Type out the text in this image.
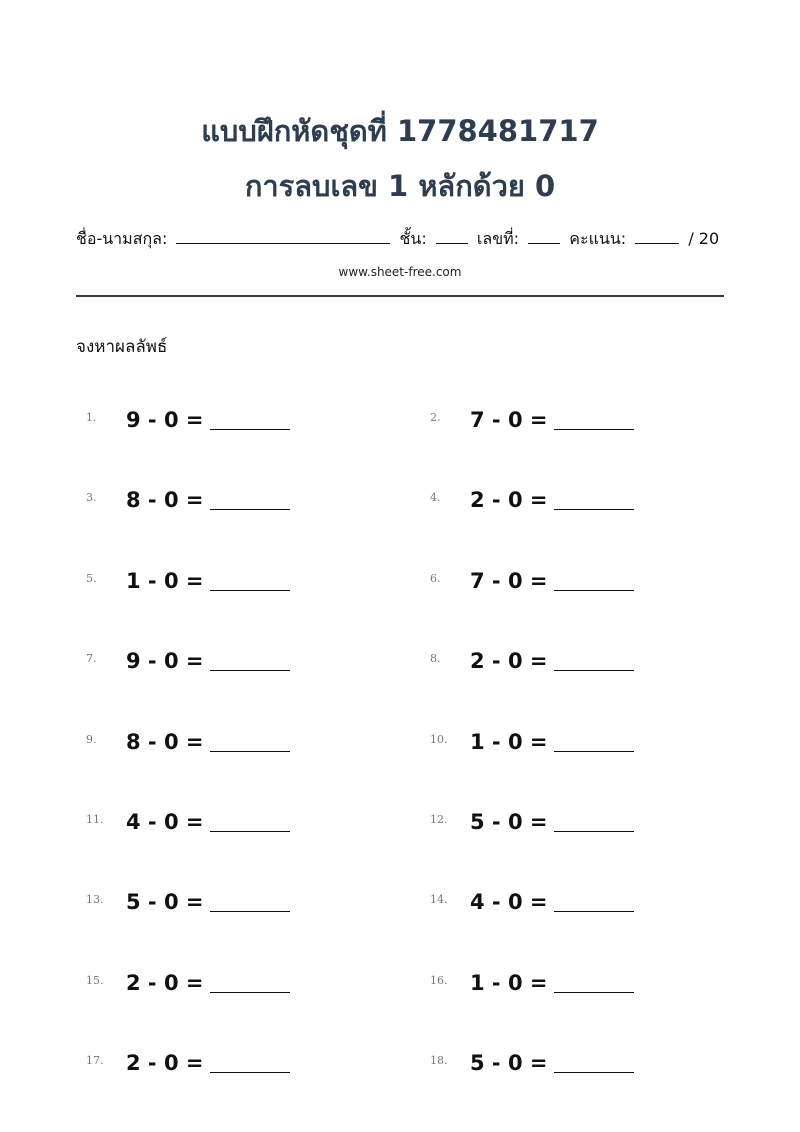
แบบฝึกหัดชุดที่ 1778481717
การลบเลข 1 หลักด้วย 0
ชื่อ-นามสกุล:	ชั้น:	เลขที่:	คะแนน:	/ 20
www.sheet-free.com
จงหาผลลัพธ์
1. 9 - 0 =	2. 7 - 0 =
3. 8 - 0 =	4. 2 - 0 =
5. 1 - 0 =	6. 7 - 0 =
7. 9 - 0 =	8. 2 - 0 =
9. 8 - 0 =	10. 1 - 0 =
11. 4 - 0 =	12. 5 - 0 =
13. 5 - 0 =	14. 4 - 0 =
15. 2 - 0 =	16. 1 - 0 =
17. 2 - 0 =	18. 5 - 0 =
